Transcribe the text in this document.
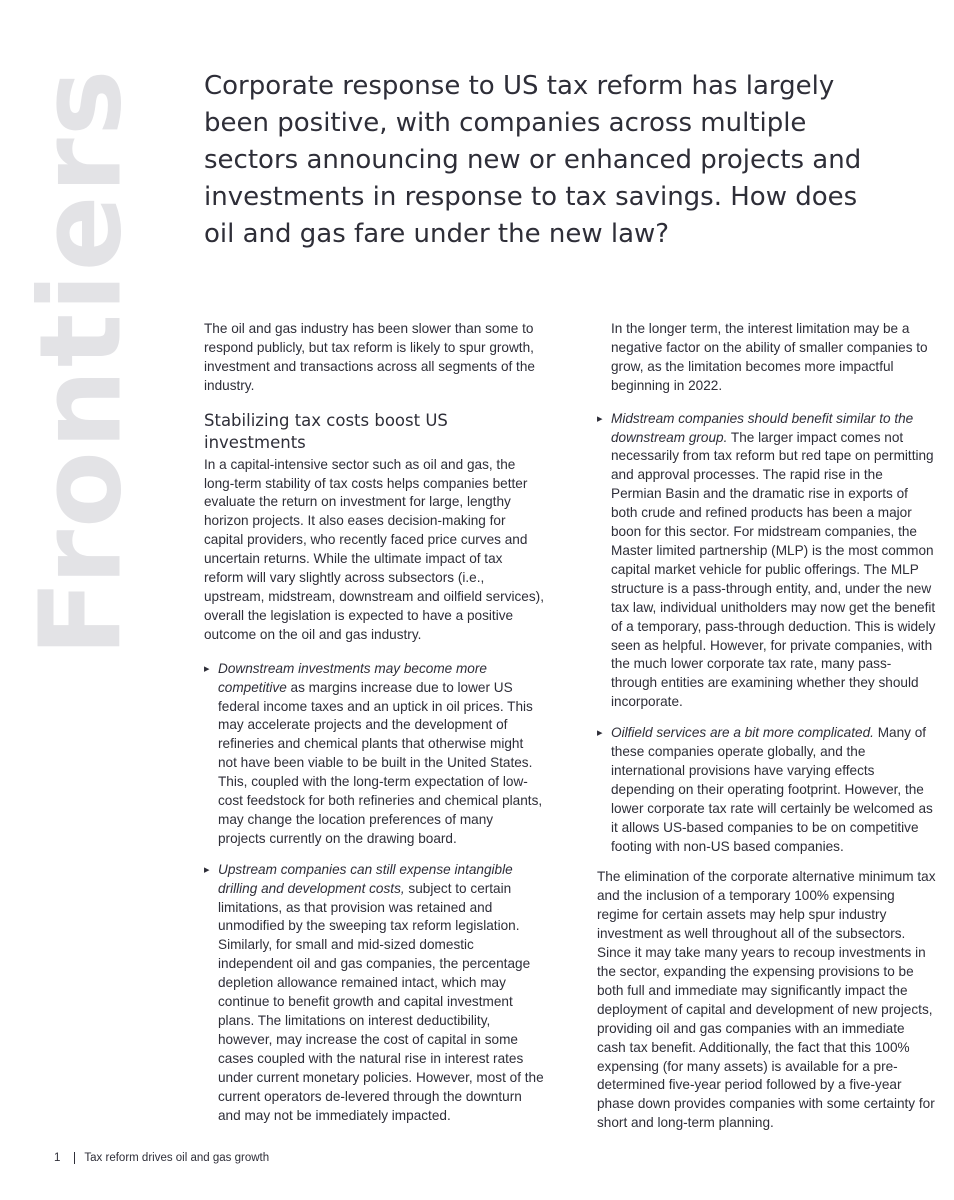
Frontiers Corporate response to US tax reform has largely been positive, with companies across multiple sectors announcing new or enhanced projects and investments in response to tax savings. How does oil and gas fare under the new law?

The oil and gas industry has been slower than some to respond publicly, but tax reform is likely to spur growth, investment and transactions across all segments of the industry.

Stabilizing tax costs boost US investments

In a capital-intensive sector such as oil and gas, the long-term stability of tax costs helps companies better evaluate the return on investment for large, lengthy horizon projects. It also eases decision-making for capital providers, who recently faced price curves and uncertain returns. While the ultimate impact of tax reform will vary slightly across subsectors (i.e., upstream, midstream, downstream and oilfield services), overall the legislation is expected to have a positive outcome on the oil and gas industry.

▸ Downstream investments may become more competitive as margins increase due to lower US federal income taxes and an uptick in oil prices. This may accelerate projects and the development of refineries and chemical plants that otherwise might not have been viable to be built in the United States. This, coupled with the long-term expectation of low-cost feedstock for both refineries and chemical plants, may change the location preferences of many projects currently on the drawing board.
▸ Upstream companies can still expense intangible drilling and development costs, subject to certain limitations, as that provision was retained and unmodified by the sweeping tax reform legislation. Similarly, for small and mid-sized domestic independent oil and gas companies, the percentage depletion allowance remained intact, which may continue to benefit growth and capital investment plans. The limitations on interest deductibility, however, may increase the cost of capital in some cases coupled with the natural rise in interest rates under current monetary policies. However, most of the current operators de-levered through the downturn and may not be immediately impacted.

In the longer term, the interest limitation may be a negative factor on the ability of smaller companies to grow, as the limitation becomes more impactful beginning in 2022.

▸ Midstream companies should benefit similar to the downstream group. The larger impact comes not necessarily from tax reform but red tape on permitting and approval processes. The rapid rise in the Permian Basin and the dramatic rise in exports of both crude and refined products has been a major boon for this sector. For midstream companies, the Master limited partnership (MLP) is the most common capital market vehicle for public offerings. The MLP structure is a pass-through entity, and, under the new tax law, individual unitholders may now get the benefit of a temporary, pass-through deduction. This is widely seen as helpful. However, for private companies, with the much lower corporate tax rate, many pass-through entities are examining whether they should incorporate.
▸ Oilfield services are a bit more complicated. Many of these companies operate globally, and the international provisions have varying effects depending on their operating footprint. However, the lower corporate tax rate will certainly be welcomed as it allows US-based companies to be on competitive footing with non-US based companies.

The elimination of the corporate alternative minimum tax and the inclusion of a temporary 100% expensing regime for certain assets may help spur industry investment as well throughout all of the subsectors. Since it may take many years to recoup investments in the sector, expanding the expensing provisions to be both full and immediate may significantly impact the deployment of capital and development of new projects, providing oil and gas companies with an immediate cash tax benefit. Additionally, the fact that this 100% expensing (for many assets) is available for a pre-determined five-year period followed by a five-year phase down provides companies with some certainty for short and long-term planning.

1 Tax reform drives oil and gas growth
